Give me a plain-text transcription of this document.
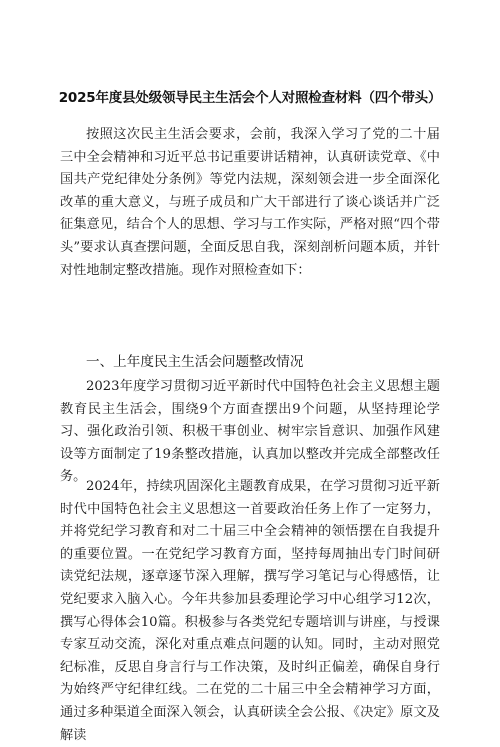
2025年度县处级领导民主生活会个人对照检查材料（四个带头）

按照这次民主生活会要求，会前，我深入学习了党的二十届三中全会精神和习近平总书记重要讲话精神，认真研读党章、《中国共产党纪律处分条例》等党内法规，深刻领会进一步全面深化改革的重大意义，与班子成员和广大干部进行了谈心谈话并广泛征集意见，结合个人的思想、学习与工作实际，严格对照“四个带头”要求认真查摆问题，全面反思自我，深刻剖析问题本质，并针对性地制定整改措施。现作对照检查如下：

一、上年度民主生活会问题整改情况

2023年度学习贯彻习近平新时代中国特色社会主义思想主题教育民主生活会，围绕9个方面查摆出9个问题，从坚持理论学习、强化政治引领、积极干事创业、树牢宗旨意识、加强作风建设等方面制定了19条整改措施，认真加以整改并完成全部整改任务。

2024年，持续巩固深化主题教育成果，在学习贯彻习近平新时代中国特色社会主义思想这一首要政治任务上作了一定努力，并将党纪学习教育和对二十届三中全会精神的领悟摆在自我提升的重要位置。一在党纪学习教育方面，坚持每周抽出专门时间研读党纪法规，逐章逐节深入理解，撰写学习笔记与心得感悟，让党纪要求入脑入心。今年共参加县委理论学习中心组学习12次，撰写心得体会10篇。积极参与各类党纪专题培训与讲座，与授课专家互动交流，深化对重点难点问题的认知。同时，主动对照党纪标准，反思自身言行与工作决策，及时纠正偏差，确保自身行为始终严守纪律红线。二在党的二十届三中全会精神学习方面，通过多种渠道全面深入领会，认真研读全会公报、《决定》原文及解读
